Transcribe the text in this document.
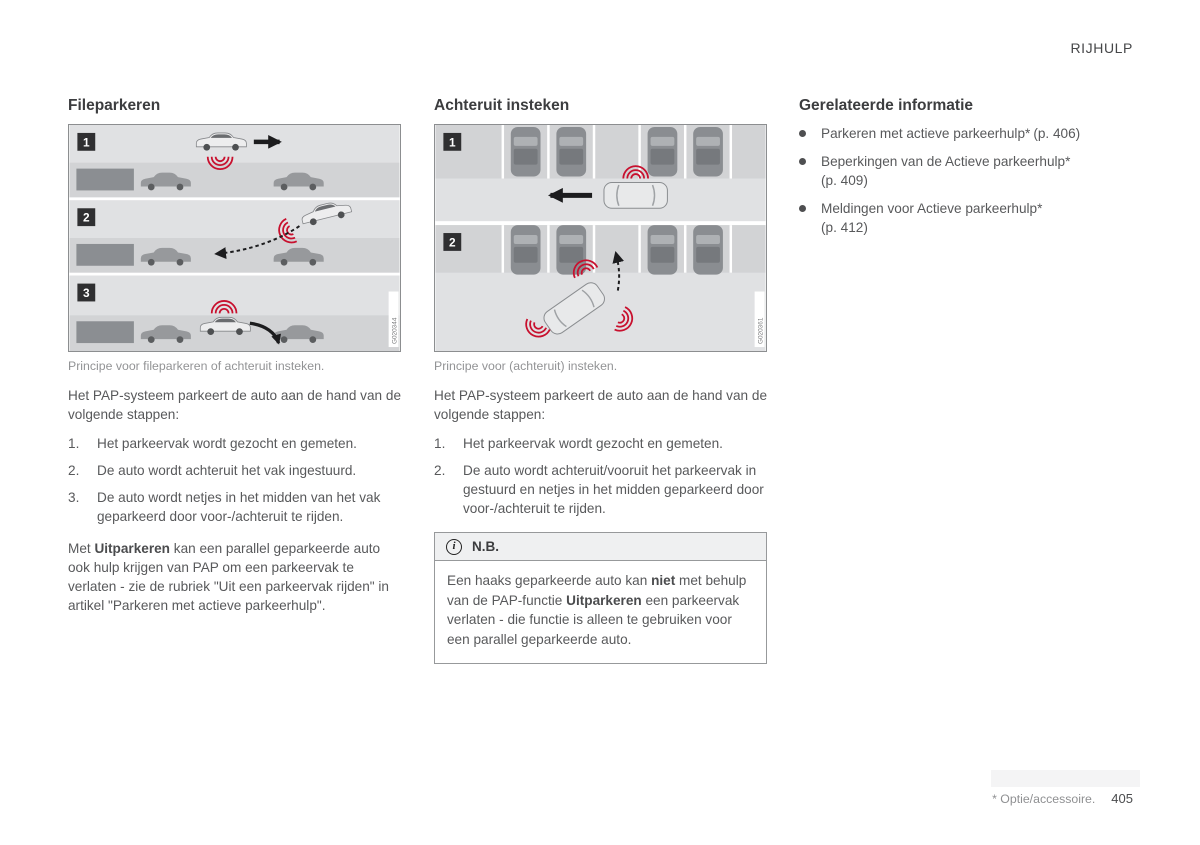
RIJHULP
Fileparkeren
1
2
3
G020344

Principe voor fileparkeren of achteruit insteken.

Het PAP-systeem parkeert de auto aan de hand van de volgende stappen:

Het parkeervak wordt gezocht en gemeten.
De auto wordt achteruit het vak ingestuurd.
De auto wordt netjes in het midden van het vak geparkeerd door voor-/achteruit te rijden.

Met Uitparkeren kan een parallel geparkeerde auto ook hulp krijgen van PAP om een parkeervak te verlaten - zie de rubriek "Uit een parkeervak rijden" in artikel "Parkeren met actieve parkeerhulp".

Achteruit insteken
1
2
G020361

Principe voor (achteruit) insteken.

Het PAP-systeem parkeert de auto aan de hand van de volgende stappen:

Het parkeervak wordt gezocht en gemeten.
De auto wordt achteruit/vooruit het parkeervak in gestuurd en netjes in het midden geparkeerd door voor-/achteruit te rijden.
i	N.B.
Een haaks geparkeerde auto kan niet met behulp van de PAP-functie Uitparkeren een parkeervak verlaten - die functie is alleen te gebruiken voor een parallel geparkeerde auto.
Gerelateerde informatie
Parkeren met actieve parkeerhulp* (p. 406)
Beperkingen van de Actieve parkeerhulp*
(p. 409)
Meldingen voor Actieve parkeerhulp*
(p. 412)
* Optie/accessoire. 405
